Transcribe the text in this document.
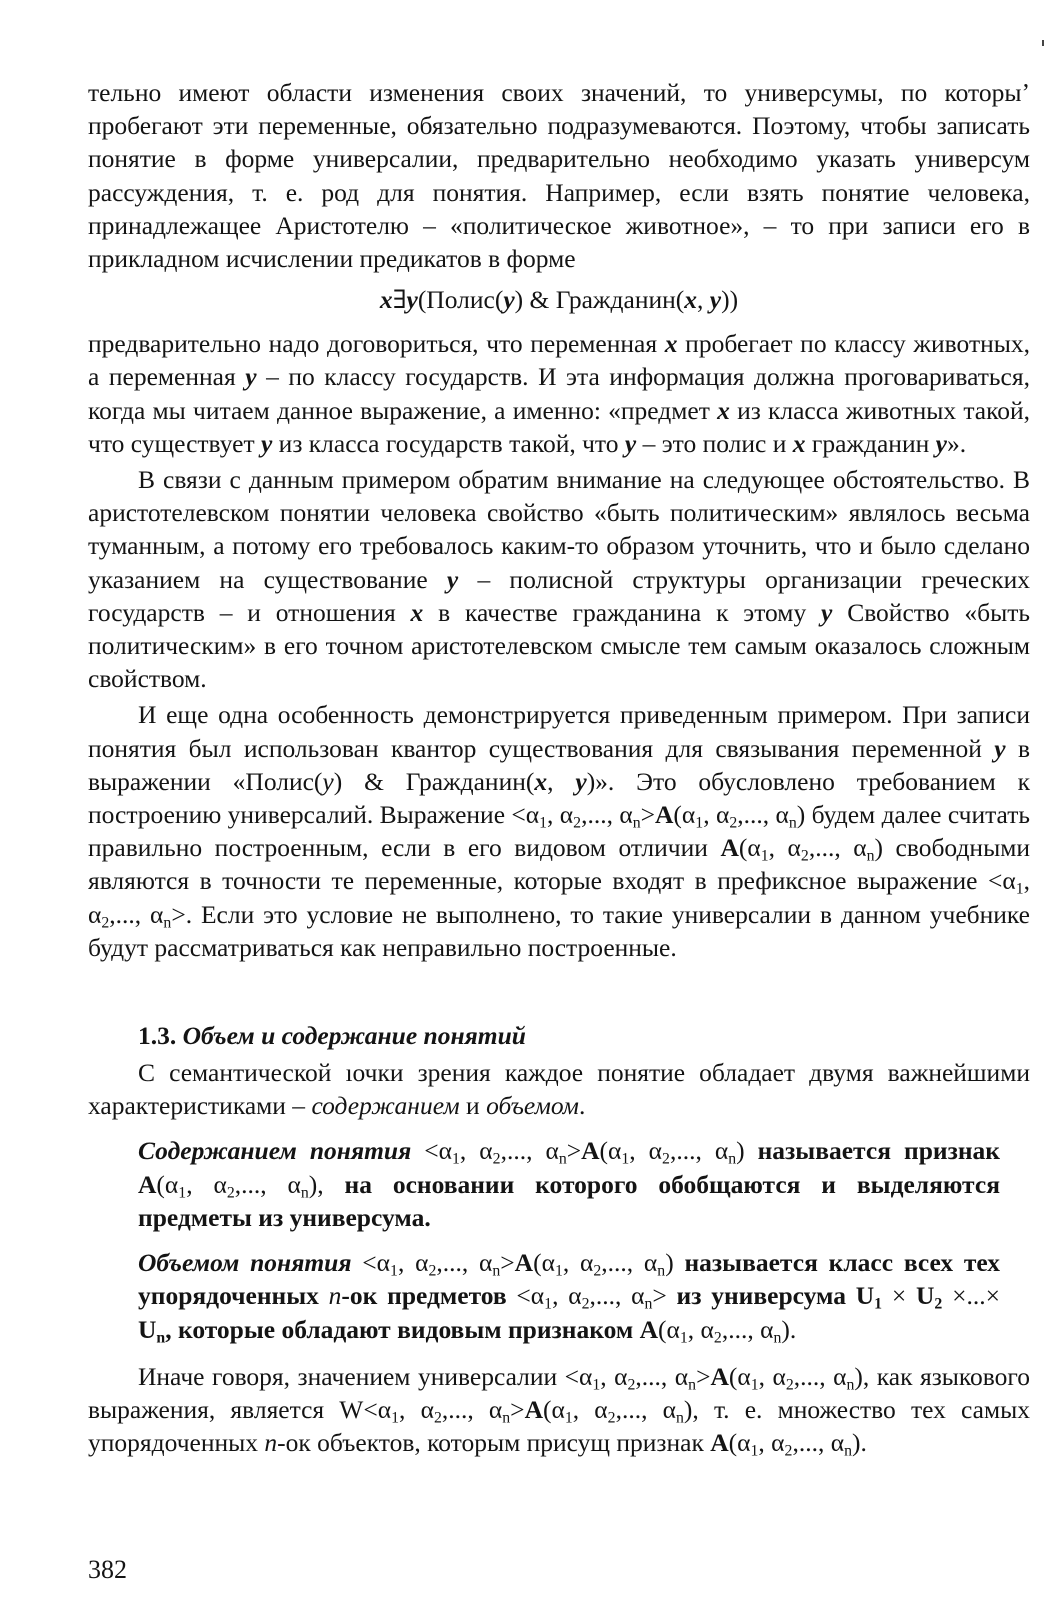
тельно имеют области изменения своих значений, то универсумы, по которыʼ пробегают эти переменные, обязательно подразумеваются. Поэтому, чтобы записать понятие в форме универсалии, предварительно необходимо указать универсум рассуждения, т. е. род для понятия. Например, если взять понятие человека, принадлежащее Аристотелю – «политическое животное», – то при записи его в прикладном исчислении предикатов в форме

x∃y(Полис(y) & Гражданин(x, y))

предварительно надо договориться, что переменная x пробегает по классу животных, а переменная y – по классу государств. И эта информация должна проговариваться, когда мы читаем данное выражение, а именно: «предмет x из класса животных такой, что существует y из класса государств такой, что y – это полис и x гражданин y».

В связи с данным примером обратим внимание на следующее обстоятельство. В аристотелевском понятии человека свойство «быть политическим» являлось весьма туманным, а потому его требовалось каким-то образом уточнить, что и было сделано указанием на существование y – полисной структуры организации греческих государств – и отношения x в качестве гражданина к этому y Свойство «быть политическим» в его точном аристотелевском смысле тем самым оказалось сложным свойством.

И еще одна особенность демонстрируется приведенным примером. При записи понятия был использован квантор существования для связывания переменной y в выражении «Полис(y) & Гражданин(x, y)». Это обусловлено требованием к построению универсалий. Выражение $<\alpha_1$, $\alpha_2$,..., $\alpha_n>A(\alpha_1$, $\alpha_2$,..., $\alpha_n$) будем далее считать правильно построенным, если в его видовом отличии $A(\alpha_1$, $\alpha_2$,..., $\alpha_n$) свободными являются в точности те переменные, которые входят в префиксное выражение $<\alpha_1$, $\alpha_2$,..., $\alpha_n>$. Если это условие не выполнено, то такие универсалии в данном учебнике будут рассматриваться как неправильно построенные.

1.3. Объем и содержание понятий

С семантической ıочки зрения каждое понятие обладает двумя важнейшими характеристиками – содержанием и объемом.

Содержанием понятия $<\alpha_1$, $\alpha_2$,..., $\alpha_n>A(\alpha_1$, $\alpha_2$,..., $\alpha_n$) называется признак $A(\alpha_1$, $\alpha_2$,..., $\alpha_n$), на основании которого обобщаются и выделяются предметы из универсума.
Объемом понятия $<\alpha_1$, $\alpha_2$,..., $\alpha_n>A(\alpha_1$, $\alpha_2$,..., $\alpha_n$) называется класс всех тех упорядоченных n-ок предметов $<\alpha_1$, $\alpha_2$,..., $\alpha_n>$ из универсума $U_1 \times U_2$ ×...× $U_n$, которые обладают видовым признаком $A(\alpha_1$, $\alpha_2$,..., $\alpha_n$).

Иначе говоря, значением универсалии $<\alpha_1$, $\alpha_2$,..., $\alpha_n>A(\alpha_1$, $\alpha_2$,..., $\alpha_n$), как языкового выражения, является $W<\alpha_1$, $\alpha_2$,..., $\alpha_n>A(\alpha_1$, $\alpha_2$,..., $\alpha_n$), т. е. множество тех самых упорядоченных n-ок объектов, которым присущ признак $A(\alpha_1$, $\alpha_2$,..., $\alpha_n$).

382
